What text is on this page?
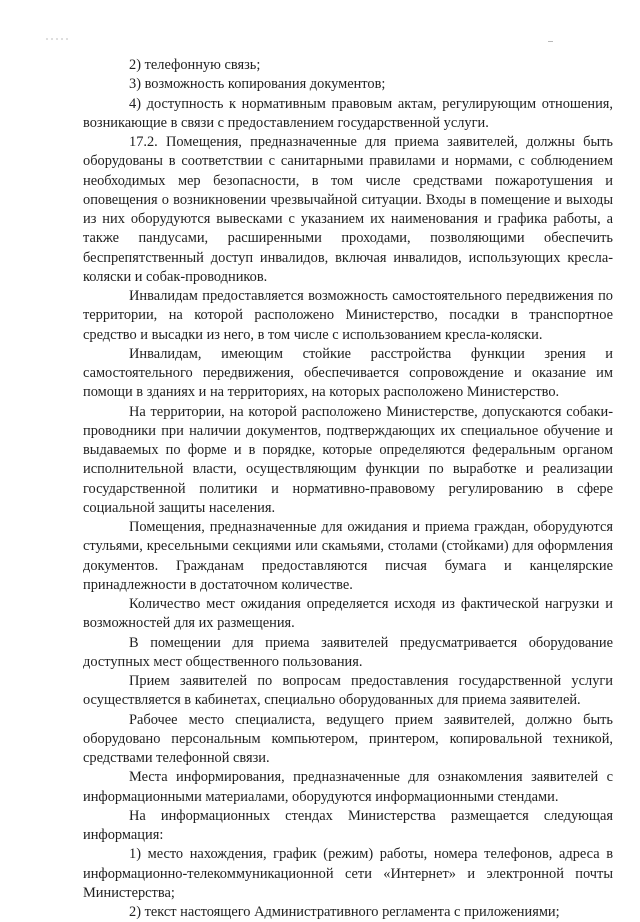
2) телефонную связь;

3) возможность копирования документов;

4) доступность к нормативным правовым актам, регулирующим отношения, возникающие в связи с предоставлением государственной услуги.

17.2. Помещения, предназначенные для приема заявителей, должны быть оборудованы в соответствии с санитарными правилами и нормами, с соблюдением необходимых мер безопасности, в том числе средствами пожаротушения и оповещения о возникновении чрезвычайной ситуации. Входы в помещение и выходы из них оборудуются вывесками с указанием их наименования и графика работы, а также пандусами, расширенными проходами, позволяющими обеспечить беспрепятственный доступ инвалидов, включая инвалидов, использующих кресла-коляски и собак-проводников.

Инвалидам предоставляется возможность самостоятельного передвижения по территории, на которой расположено Министерство, посадки в транспортное средство и высадки из него, в том числе с использованием кресла-коляски.

Инвалидам, имеющим стойкие расстройства функции зрения и самостоятельного передвижения, обеспечивается сопровождение и оказание им помощи в зданиях и на территориях, на которых расположено Министерство.

На территории, на которой расположено Министерстве, допускаются собаки-проводники при наличии документов, подтверждающих их специальное обучение и выдаваемых по форме и в порядке, которые определяются федеральным органом исполнительной власти, осуществляющим функции по выработке и реализации государственной политики и нормативно-правовому регулированию в сфере социальной защиты населения.

Помещения, предназначенные для ожидания и приема граждан, оборудуются стульями, кресельными секциями или скамьями, столами (стойками) для оформления документов. Гражданам предоставляются писчая бумага и канцелярские принадлежности в достаточном количестве.

Количество мест ожидания определяется исходя из фактической нагрузки и возможностей для их размещения.

В помещении для приема заявителей предусматривается оборудование доступных мест общественного пользования.

Прием заявителей по вопросам предоставления государственной услуги осуществляется в кабинетах, специально оборудованных для приема заявителей.

Рабочее место специалиста, ведущего прием заявителей, должно быть оборудовано персональным компьютером, принтером, копировальной техникой, средствами телефонной связи.

Места информирования, предназначенные для ознакомления заявителей с информационными материалами, оборудуются информационными стендами.

На информационных стендах Министерства размещается следующая информация:

1) место нахождения, график (режим) работы, номера телефонов, адреса в информационно-телекоммуникационной сети «Интернет» и электронной почты Министерства;

2) текст настоящего Административного регламента с приложениями;
